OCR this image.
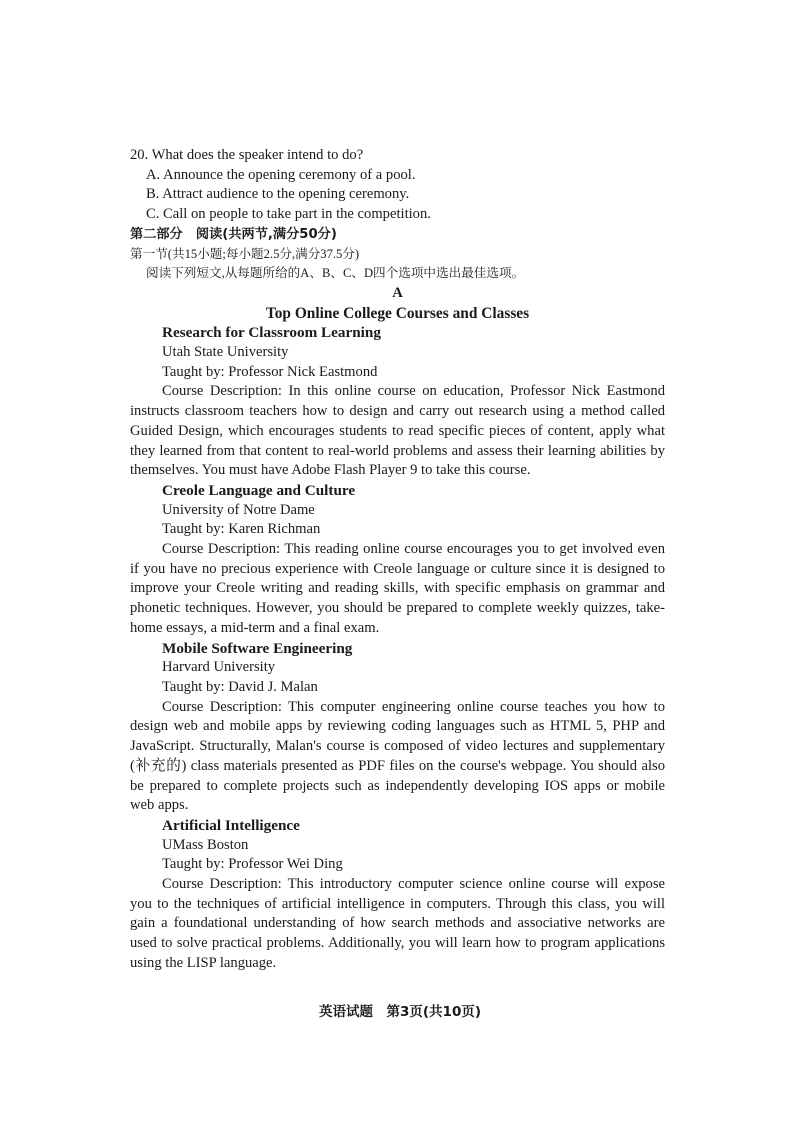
20. What does the speaker intend to do?
A. Announce the opening ceremony of a pool.
B. Attract audience to the opening ceremony.
C. Call on people to take part in the competition.
第二部分　阅读(共两节,满分50分)
第一节(共15小题;每小题2.5分,满分37.5分)
阅读下列短文,从每题所给的A、B、C、D四个选项中选出最佳选项。
A
Top Online College Courses and Classes
Research for Classroom Learning
Utah State University
Taught by: Professor Nick Eastmond
Course Description: In this online course on education, Professor Nick Eastmond instructs classroom teachers how to design and carry out research using a method called Guided Design, which encourages students to read specific pieces of content, apply what they learned from that content to real-world problems and assess their learning abilities by themselves. You must have Adobe Flash Player 9 to take this course.
Creole Language and Culture
University of Notre Dame
Taught by: Karen Richman
Course Description: This reading online course encourages you to get involved even if you have no precious experience with Creole language or culture since it is designed to improve your Creole writing and reading skills, with specific emphasis on grammar and phonetic techniques. However, you should be prepared to complete weekly quizzes, take-home essays, a mid-term and a final exam.
Mobile Software Engineering
Harvard University
Taught by: David J. Malan
Course Description: This computer engineering online course teaches you how to design web and mobile apps by reviewing coding languages such as HTML 5, PHP and JavaScript. Structurally, Malan's course is composed of video lectures and supplementary (补充的) class materials presented as PDF files on the course's webpage. You should also be prepared to complete projects such as independently developing IOS apps or mobile web apps.
Artificial Intelligence
UMass Boston
Taught by: Professor Wei Ding
Course Description: This introductory computer science online course will expose you to the techniques of artificial intelligence in computers. Through this class, you will gain a foundational understanding of how search methods and associative networks are used to solve practical problems. Additionally, you will learn how to program applications using the LISP language.
英语试题　第3页(共10页)
